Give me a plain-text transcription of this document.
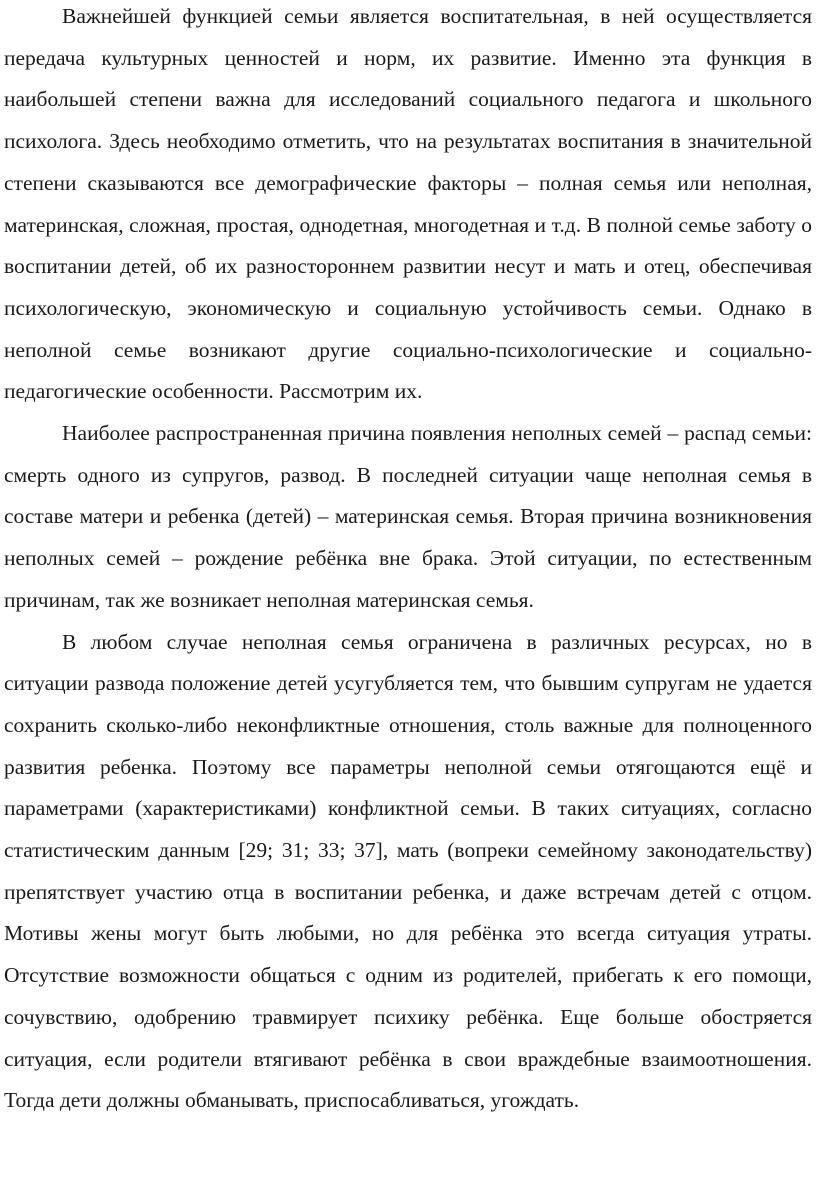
Важнейшей функцией семьи является воспитательная, в ней осуществляется передача культурных ценностей и норм, их развитие. Именно эта функция в наибольшей степени важна для исследований социального педагога и школьного психолога. Здесь необходимо отметить, что на результатах воспитания в значительной степени сказываются все демографические факторы – полная семья или неполная, материнская, сложная, простая, однодетная, многодетная и т.д. В полной семье заботу о воспитании детей, об их разностороннем развитии несут и мать и отец, обеспечивая психологическую, экономическую и социальную устойчивость семьи. Однако в неполной семье возникают другие социально-психологические и социально-педагогические особенности. Рассмотрим их.

Наиболее распространенная причина появления неполных семей – распад семьи: смерть одного из супругов, развод. В последней ситуации чаще неполная семья в составе матери и ребенка (детей) – материнская семья. Вторая причина возникновения неполных семей – рождение ребёнка вне брака. Этой ситуации, по естественным причинам, так же возникает неполная материнская семья.

В любом случае неполная семья ограничена в различных ресурсах, но в ситуации развода положение детей усугубляется тем, что бывшим супругам не удается сохранить сколько-либо неконфликтные отношения, столь важные для полноценного развития ребенка. Поэтому все параметры неполной семьи отягощаются ещё и параметрами (характеристиками) конфликтной семьи. В таких ситуациях, согласно статистическим данным [29; 31; 33; 37], мать (вопреки семейному законодательству) препятствует участию отца в воспитании ребенка, и даже встречам детей с отцом. Мотивы жены могут быть любыми, но для ребёнка это всегда ситуация утраты. Отсутствие возможности общаться с одним из родителей, прибегать к его помощи, сочувствию, одобрению травмирует психику ребёнка. Еще больше обостряется ситуация, если родители втягивают ребёнка в свои враждебные взаимоотношения. Тогда дети должны обманывать, приспосабливаться, угождать.
